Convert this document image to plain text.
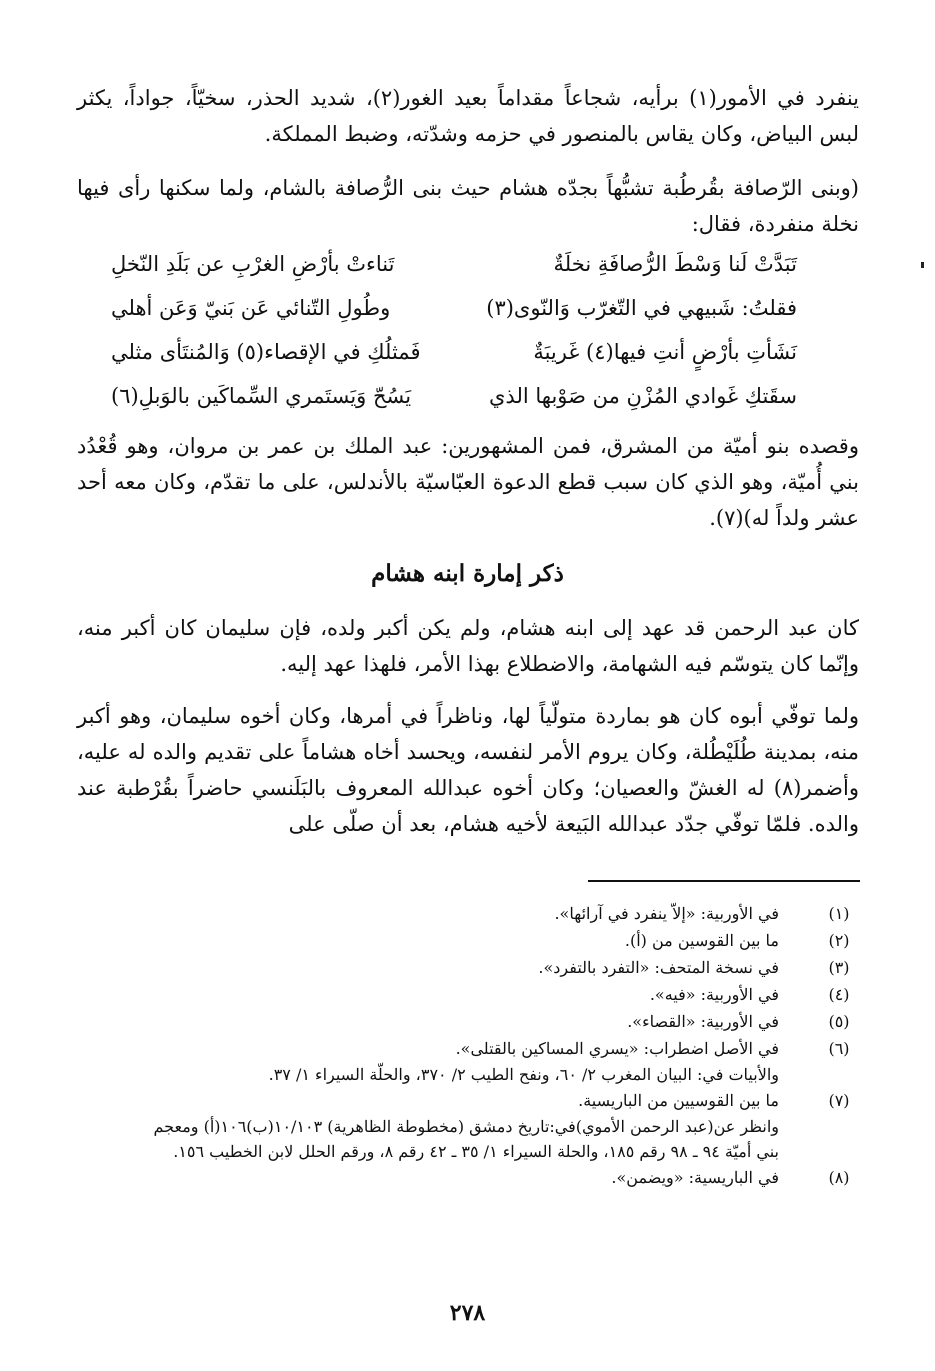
ينفرد في الأمور(١) برأيه، شجاعاً مقداماً بعيد الغور(٢)، شديد الحذر، سخيّاً، جواداً، يكثر لبس البياض، وكان يقاس بالمنصور في حزمه وشدّته، وضبط المملكة.

(وبنى الرّصافة بقُرطُبة تشبُّهاً بجدّه هشام حيث بنى الرُّصافة بالشام، ولما سكنها رأى فيها نخلة منفردة، فقال:

تَبَدَّتْ لَنا وَسْطَ الرُّصافَةِ نخلَةٌ
تَناءتْ بأرْضِ الغرْبِ عن بَلَدِ النّخلِ
فقلتُ: شَبيهي في التّغرّب وَالنّوى(٣)
وطُولِ التّنائي عَن بَنيّ وَعَن أهلي
نَشَأتِ بأرْضٍ أنتِ فيها(٤) غَريبَةٌ
فَمثلُكِ في الإقصاء(٥) وَالمُنتَأى مثلي
سقَتكِ غَوادي المُزْنِ من صَوْبها الذي
يَسُحّ وَيَستَمري السِّماكَين بالوَبلِ(٦)

وقصده بنو أميّة من المشرق، فمن المشهورين: عبد الملك بن عمر بن مروان، وهو قُعْدُد بني أُميّة، وهو الذي كان سبب قطع الدعوة العبّاسيّة بالأندلس، على ما تقدّم، وكان معه أحد عشر ولداً له)(٧).

ذكر إمارة ابنه هشام

كان عبد الرحمن قد عهد إلى ابنه هشام، ولم يكن أكبر ولده، فإن سليمان كان أكبر منه، وإنّما كان يتوسّم فيه الشهامة، والاضطلاع بهذا الأمر، فلهذا عهد إليه.

ولما توفّي أبوه كان هو بماردة متولّياً لها، وناظراً في أمرها، وكان أخوه سليمان، وهو أكبر منه، بمدينة طُلَيْطُلة، وكان يروم الأمر لنفسه، ويحسد أخاه هشاماً على تقديم والده له عليه، وأضمر(٨) له الغشّ والعصيان؛ وكان أخوه عبدالله المعروف بالبَلَنسي حاضراً بقُرْطبة عند والده. فلمّا توفّي جدّد عبدالله البَيعة لأخيه هشام، بعد أن صلّى على

(١)
في الأوربية: «إلاّ ينفرد في آرائها».
(٢)
ما بين القوسين من (أ).
(٣)
في نسخة المتحف: «التفرد بالتفرد».
(٤)
في الأوربية: «فيه».
(٥)
في الأوربية: «القصاء».
(٦)
في الأصل اضطراب: «يسري المساكين بالقتلى».
والأبيات في: البيان المغرب ٢/ ٦٠، ونفح الطيب ٢/ ٣٧٠، والحلّة السيراء ١/ ٣٧.
(٧)
ما بين القوسيين من الباريسية.
وانظر عن(عبد الرحمن الأموي)في:تاريخ دمشق (مخطوطة الظاهرية) ١٠/١٠٣(ب)١٠٦(أ) ومعجم
بني أميّة ٩٤ ـ ٩٨ رقم ١٨٥، والحلة السيراء ١/ ٣٥ ـ ٤٢ رقم ٨، ورقم الحلل لابن الخطيب ١٥٦.
(٨)
في الباريسية: «ويضمن».
٢٧٨
